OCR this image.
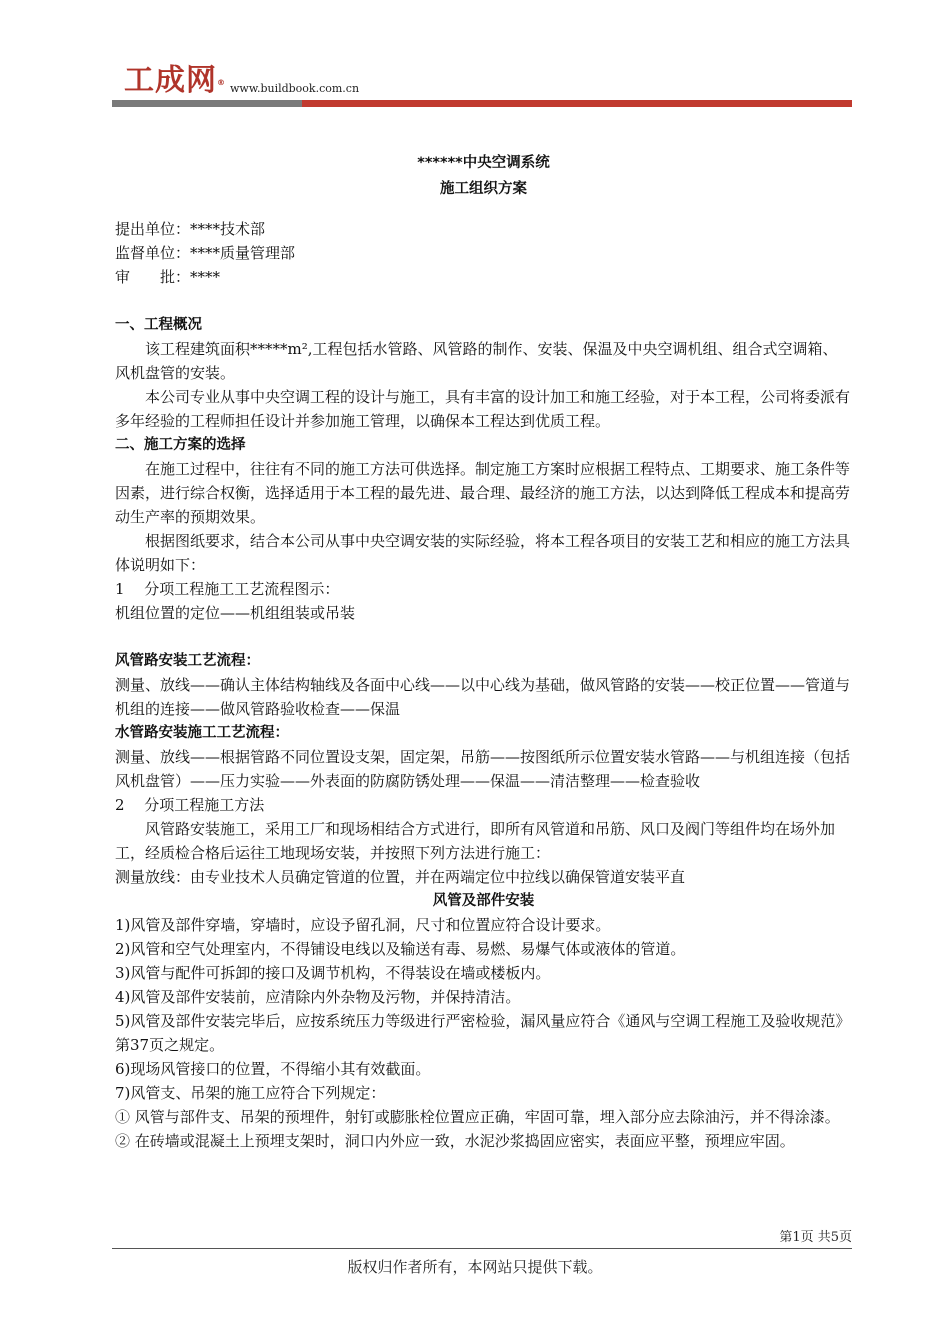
工成网® www.buildbook.com.cn

******中央空调系统

施工组织方案

提出单位：****技术部

监督单位：****质量管理部

审　　批：****

一、工程概况

该工程建筑面积*****m²,工程包括水管路、风管路的制作、安装、保温及中央空调机组、组合式空调箱、风机盘管的安装。

本公司专业从事中央空调工程的设计与施工，具有丰富的设计加工和施工经验，对于本工程，公司将委派有多年经验的工程师担任设计并参加施工管理，以确保本工程达到优质工程。

二、施工方案的选择

在施工过程中，往往有不同的施工方法可供选择。制定施工方案时应根据工程特点、工期要求、施工条件等因素，进行综合权衡，选择适用于本工程的最先进、最合理、最经济的施工方法，以达到降低工程成本和提高劳动生产率的预期效果。

根据图纸要求，结合本公司从事中央空调安装的实际经验，将本工程各项目的安装工艺和相应的施工方法具体说明如下：

1　 分项工程施工工艺流程图示：

机组位置的定位——机组组装或吊装

风管路安装工艺流程：

测量、放线——确认主体结构轴线及各面中心线——以中心线为基础，做风管路的安装——校正位置——管道与机组的连接——做风管路验收检查——保温

水管路安装施工工艺流程：

测量、放线——根据管路不同位置设支架，固定架，吊筋——按图纸所示位置安装水管路——与机组连接（包括风机盘管）——压力实验——外表面的防腐防锈处理——保温——清洁整理——检查验收

2　 分项工程施工方法

风管路安装施工，采用工厂和现场相结合方式进行，即所有风管道和吊筋、风口及阀门等组件均在场外加工，经质检合格后运往工地现场安装，并按照下列方法进行施工：

测量放线：由专业技术人员确定管道的位置，并在两端定位中拉线以确保管道安装平直

风管及部件安装

1)风管及部件穿墙，穿墙时，应设予留孔洞，尺寸和位置应符合设计要求。

2)风管和空气处理室内，不得铺设电线以及输送有毒、易燃、易爆气体或液体的管道。

3)风管与配件可拆卸的接口及调节机构，不得装设在墙或楼板内。

4)风管及部件安装前，应清除内外杂物及污物，并保持清洁。

5)风管及部件安装完毕后，应按系统压力等级进行严密检验，漏风量应符合《通风与空调工程施工及验收规范》第37页之规定。

6)现场风管接口的位置，不得缩小其有效截面。

7)风管支、吊架的施工应符合下列规定：

① 风管与部件支、吊架的预埋件，射钉或膨胀栓位置应正确，牢固可靠，埋入部分应去除油污，并不得涂漆。

② 在砖墙或混凝土上预埋支架时，洞口内外应一致，水泥沙浆捣固应密实，表面应平整，预埋应牢固。

第1页 共5页
版权归作者所有，本网站只提供下载。
